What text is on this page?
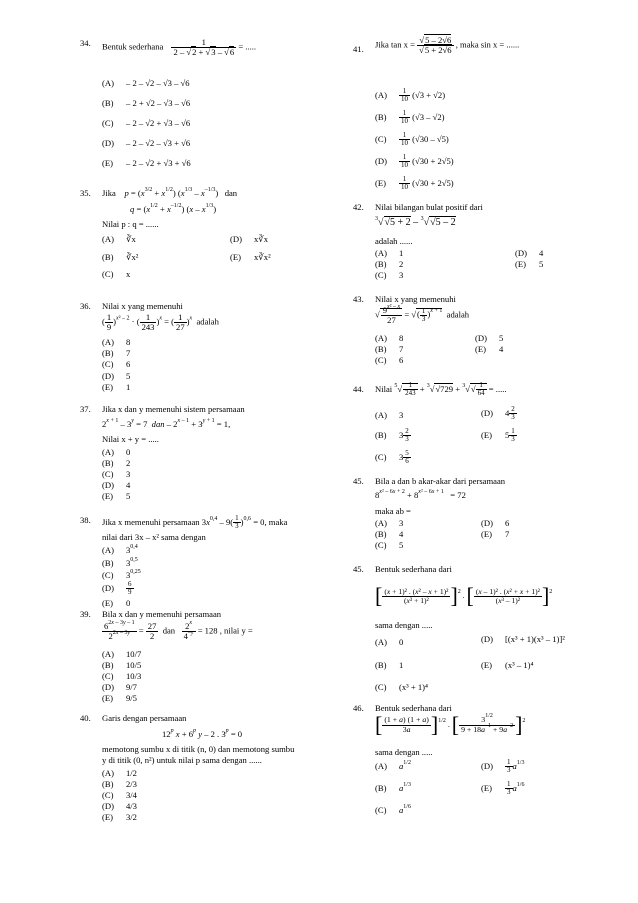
34.	Bentuk sederhana $\frac{1}{2 - √2 + √3 - √6}$ = .....
(A) – 2 – √2 – √3 – √6
(B) – 2 + √2 – √3 – √6
(C) – 2 – √2 + √3 – √6
(D) – 2 – √2 – √3 + √6
(E) – 2 – √2 + √3 + √6
35.	Jika $p = (x^{3/2} + x^{1/2})$ $(x^{1/3} - x^{-1/3})$   dan
$q = (x^{1/2} + x^{-1/2})$ $(x - x^{1/3})$
Nilai p : q = ......
(A) ∛x	(D) x∛x
(B) ∛x²	(E) x∛x²
(C) x
36.	Nilai x yang memenuhi
( $\frac{1}{9} )^{x^2 - 2}$ · ( $\frac{1}{243} )^x$ = ( $\frac{1}{27} )^x$ adalah
(A) 8
(B) 7
(C) 6
(D) 5
(E) 1
37.	Jika x dan y memenuhi sistem persamaan
$2^{x + 1} - 3^y = 7$  dan – $2^{x - 1} + 3^{y + 1} = 1$,
Nilai x + y = .....
(A) 0
(B) 2
(C) 3
(D) 4
(E) 5
38.	Jika x memenuhi persamaan $3x^{0,4} - 9( \frac{1}{3} )^{0,6} = 0$, maka
nilai dari 3x – x² sama dengan
(A) 3$^{0,4}$
(B) 3$^{0,5}$
(C) 3$^{0,25}$
$(D) \frac{6}{9}$
(E) 0
39.	Bila x dan y memenuhi persamaan
$\frac{6^{2x - 3y - 1}}{2^{2x - 3y}} = \frac{27}{2}$ dan $\frac{2^x}{4^{-y}} = 128$ , nilai y =
(A) 10/7
(B) 10/5
(C) 10/3
(D) 9/7
(E) 9/5
40.	Garis dengan persamaan
12$^p$ $x + 6^p$ y – 2 . $3^p = 0$
memotong sumbu x di titik (n, 0) dan memotong sumbu
y di titik (0, n²) untuk nilai p sama dengan ......
(A) 1/2
(B) 2/3
(C) 3/4
(D) 4/3
(E) 3/2
41.	Jika $\tan x = \frac{√5 - 2√6}{√5 + 2√6}$ , maka sin x = ......
$(A) \frac{1}{10} (√3 + √2)$
$(B) \frac{1}{10} (√3 - √2)$
$(C) \frac{1}{10} (√30 - √5)$
$(D) \frac{1}{10} (√30 + 2√5)$
$(E) \frac{1}{10} (√30 + 2√5)$
42.	Nilai bilangan bulat positif dari
$^3$√√5 + 2 – $^3$√√5 – 2
adalah ......
(A) 1	(D) 4
(B) 2	(E) 5
(C) 3
43.	Nilai x yang memenuhi
√ $\frac{9^{x^2 - x}}{27}$ = √( $\frac{1}{3} )^{x + 1}$ adalah
(A) 8	(D) 5
(B) 7	(E) 4
(C) 6
44.	Nilai $^5√ \frac{1}{243} + ^3√√729 + ^3√√ \frac{1}{64}$ = .....
(A) 3	(D) $4 \frac{2}{3}$
(B) $3 \frac{2}{3}$	(E) $5 \frac{1}{3}$
(C) $3 \frac{5}{6}$
45.	Bila a dan b akar-akar dari persamaan
$8^{x^2 - 6x + 2} + 8^{x^2 - 6x + 1} = 72$
maka ab =
(A) 3	(D) 6
(B) 4	(E) 7
(C) 5
45.	Bentuk sederhana dari
[ $\frac{\text{(x + 1)² . (x² – x + 1)²}}{\text{(x³ + 1)²}} ]^2$ . [ $\frac{\text{(x – 1)² . (x² + x + 1)²}}{\text{(x³ – 1)²}} ]^2$
sama dengan .....
(A) 0	(D) [(x³ + 1)(x³ – 1)]²
(B) 1	(E) (x³ – 1)⁴
(C) (x³ + 1)⁴
46.	Bentuk sederhana dari
[ $\frac{(1 + a) (1 + a)}{3a} ]^{1/2}$ . [ $\frac{3^{1/2}}{9 + 18a^{-1} + 9a^{-2}} ]^2$
sama dengan .....
(A) $a^{1/2}$	$(D) \frac{1}{3} a^{1/3}$
(B) $a^{1/3}$	$(E) \frac{1}{3} a^{1/6}$
(C) $a^{1/6}$
